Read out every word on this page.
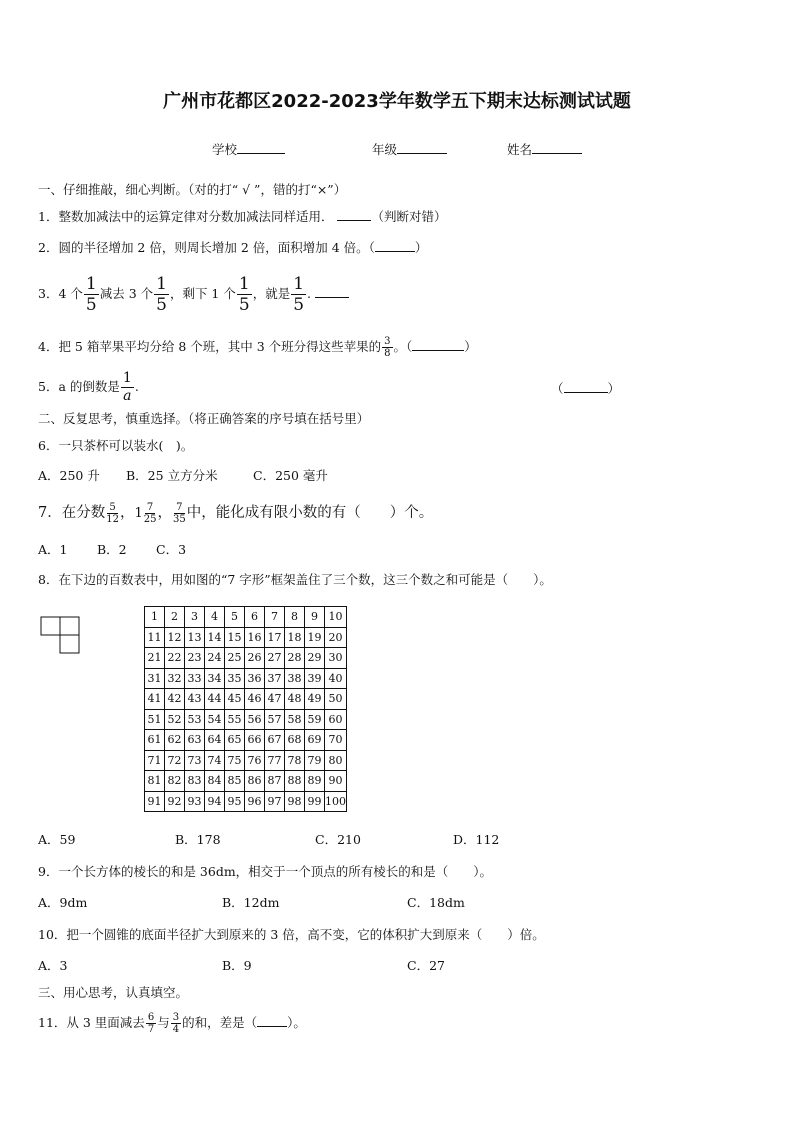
广州市花都区2022-2023学年数学五下期末达标测试试题
学校	年级	姓名
一、仔细推敲，细心判断。（对的打“ √ ”，错的打“×”）
1．整数加减法中的运算定律对分数加减法同样适用．	（判断对错）
2．圆的半径增加 2 倍，则周长增加 2 倍，面积增加 4 倍。（	）
3．4 个 $\frac{1}{5}$ 减去 3 个 $\frac{1}{5}$ ，剩下 1 个 $\frac{1}{5}$ ，就是 $\frac{1}{5}$ .
4．把 5 箱苹果平均分给 8 个班，其中 3 个班分得这些苹果的 $\frac{3}{8}$ 。（	）
5．a 的倒数是 $\frac{1}{a}$ .	（	）
二、反复思考，慎重选择。（将正确答案的序号填在括号里）
6．一只茶杯可以装水(　)。
A．250 升 B．25 立方分米	C．250 毫升
7．在分数 $\frac{5}{12}$ ，$1 \frac{7}{25}$ ， $\frac{7}{35}$ 中，能化成有限小数的有（　　）个。
A．1 B．2 C．3
8．在下边的百数表中，用如图的“7 字形”框架盖住了三个数，这三个数之和可能是（　　）。
1	2	3	4	5	6	7	8	9	10
11	12	13	14	15	16	17	18	19	20
21	22	23	24	25	26	27	28	29	30
31	32	33	34	35	36	37	38	39	40
41	42	43	44	45	46	47	48	49	50
51	52	53	54	55	56	57	58	59	60
61	62	63	64	65	66	67	68	69	70
71	72	73	74	75	76	77	78	79	80
81	82	83	84	85	86	87	88	89	90
91	92	93	94	95	96	97	98	99	100
A．59	B．178	C．210	D．112
9．一个长方体的棱长的和是 36dm，相交于一个顶点的所有棱长的和是（　　）。
A．9dm	B．12dm	C．18dm
10．把一个圆锥的底面半径扩大到原来的 3 倍，高不变，它的体积扩大到原来（　　）倍。
A．3	B．9	C．27
三、用心思考，认真填空。
11．从 3 里面减去 $\frac{6}{7}$ 与 $\frac{3}{4}$ 的和，差是（ ）。
